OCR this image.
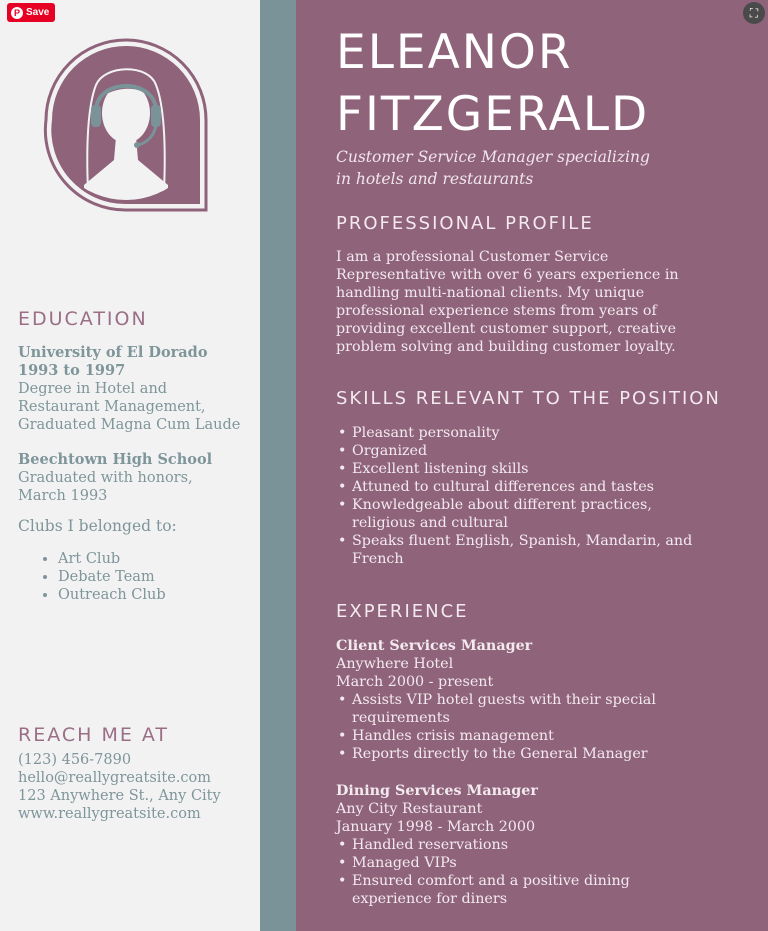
P Save	⛶
ELEANOR
FITZGERALD
Customer Service Manager specializing
in hotels and restaurants
PROFESSIONAL PROFILE
I am a professional Customer Service
Representative with over 6 years experience in
handling multi-national clients. My unique
professional experience stems from years of
providing excellent customer support, creative
problem solving and building customer loyalty.
SKILLS RELEVANT TO THE POSITION
• Pleasant personality
• Organized
• Excellent listening skills
• Attuned to cultural differences and tastes
• Knowledgeable about different practices, religious and cultural
• Speaks fluent English, Spanish, Mandarin, and French
EXPERIENCE
Client Services Manager
Anywhere Hotel
March 2000 - present
• Assists VIP hotel guests with their special requirements
• Handles crisis management
• Reports directly to the General Manager
Dining Services Manager
Any City Restaurant
January 1998 - March 2000
• Handled reservations
• Managed VIPs
• Ensured comfort and a positive dining experience for diners
EDUCATION
University of El Dorado
1993 to 1997
Degree in Hotel and
Restaurant Management,
Graduated Magna Cum Laude
Beechtown High School
Graduated with honors,
March 1993
Clubs I belonged to:
• Art Club
• Debate Team
• Outreach Club
REACH ME AT
(123) 456-7890
hello@reallygreatsite.com
123 Anywhere St., Any City
www.reallygreatsite.com
